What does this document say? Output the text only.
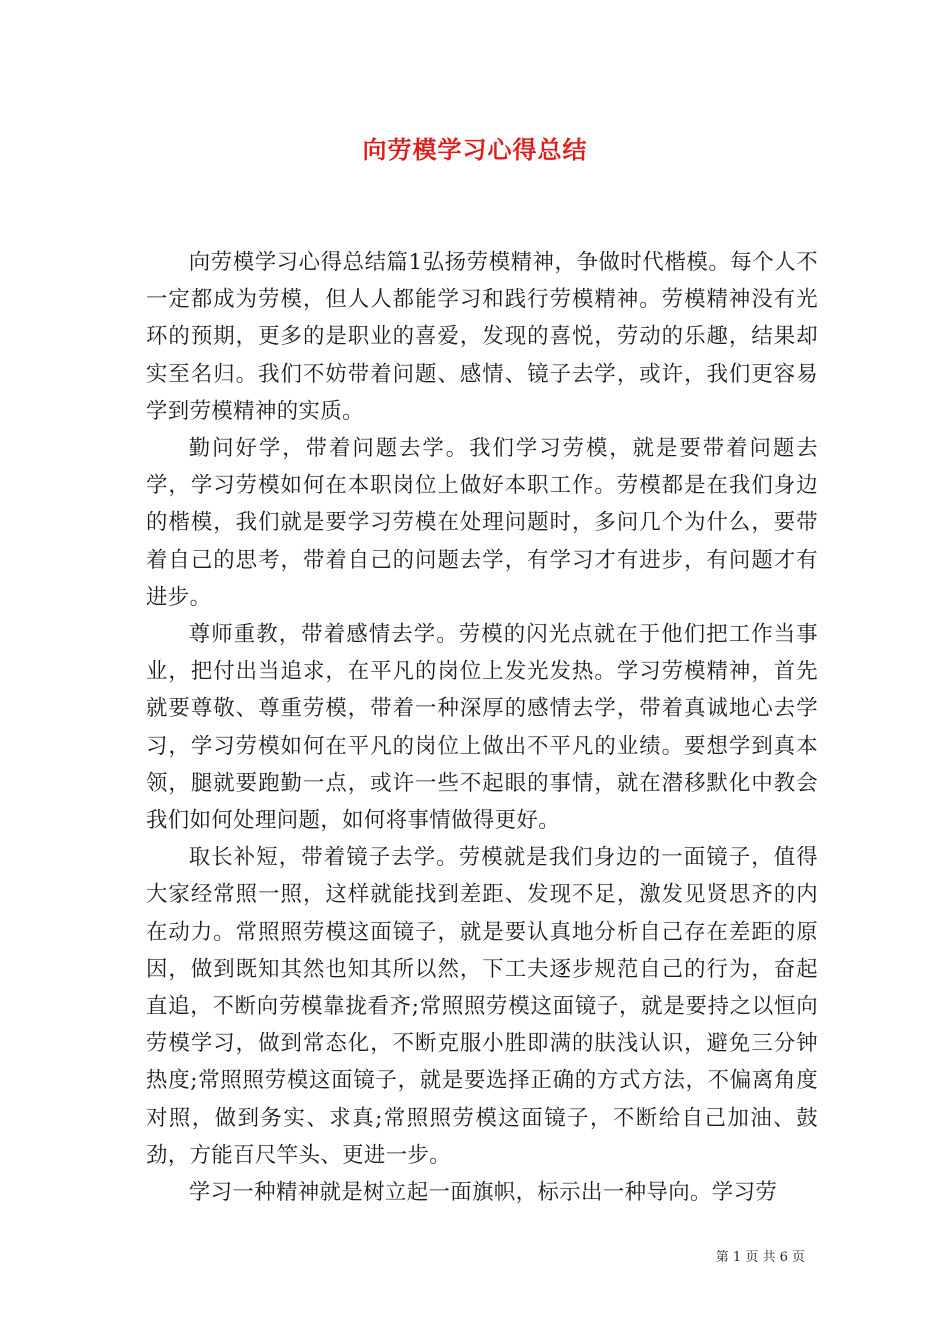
向劳模学习心得总结

向劳模学习心得总结篇1弘扬劳模精神，争做时代楷模。每个人不一定都成为劳模，但人人都能学习和践行劳模精神。劳模精神没有光环的预期，更多的是职业的喜爱，发现的喜悦，劳动的乐趣，结果却实至名归。我们不妨带着问题、感情、镜子去学，或许，我们更容易学到劳模精神的实质。

勤问好学，带着问题去学。我们学习劳模，就是要带着问题去学，学习劳模如何在本职岗位上做好本职工作。劳模都是在我们身边的楷模，我们就是要学习劳模在处理问题时，多问几个为什么，要带着自己的思考，带着自己的问题去学，有学习才有进步，有问题才有进步。

尊师重教，带着感情去学。劳模的闪光点就在于他们把工作当事业，把付出当追求，在平凡的岗位上发光发热。学习劳模精神，首先就要尊敬、尊重劳模，带着一种深厚的感情去学，带着真诚地心去学习，学习劳模如何在平凡的岗位上做出不平凡的业绩。要想学到真本领，腿就要跑勤一点，或许一些不起眼的事情，就在潜移默化中教会我们如何处理问题，如何将事情做得更好。

取长补短，带着镜子去学。劳模就是我们身边的一面镜子，值得大家经常照一照，这样就能找到差距、发现不足，激发见贤思齐的内在动力。常照照劳模这面镜子，就是要认真地分析自己存在差距的原因，做到既知其然也知其所以然，下工夫逐步规范自己的行为，奋起直追，不断向劳模靠拢看齐;常照照劳模这面镜子，就是要持之以恒向劳模学习，做到常态化，不断克服小胜即满的肤浅认识，避免三分钟热度;常照照劳模这面镜子，就是要选择正确的方式方法，不偏离角度对照，做到务实、求真;常照照劳模这面镜子，不断给自己加油、鼓劲，方能百尺竿头、更进一步。

学习一种精神就是树立起一面旗帜，标示出一种导向。学习劳

第 1 页 共 6 页
